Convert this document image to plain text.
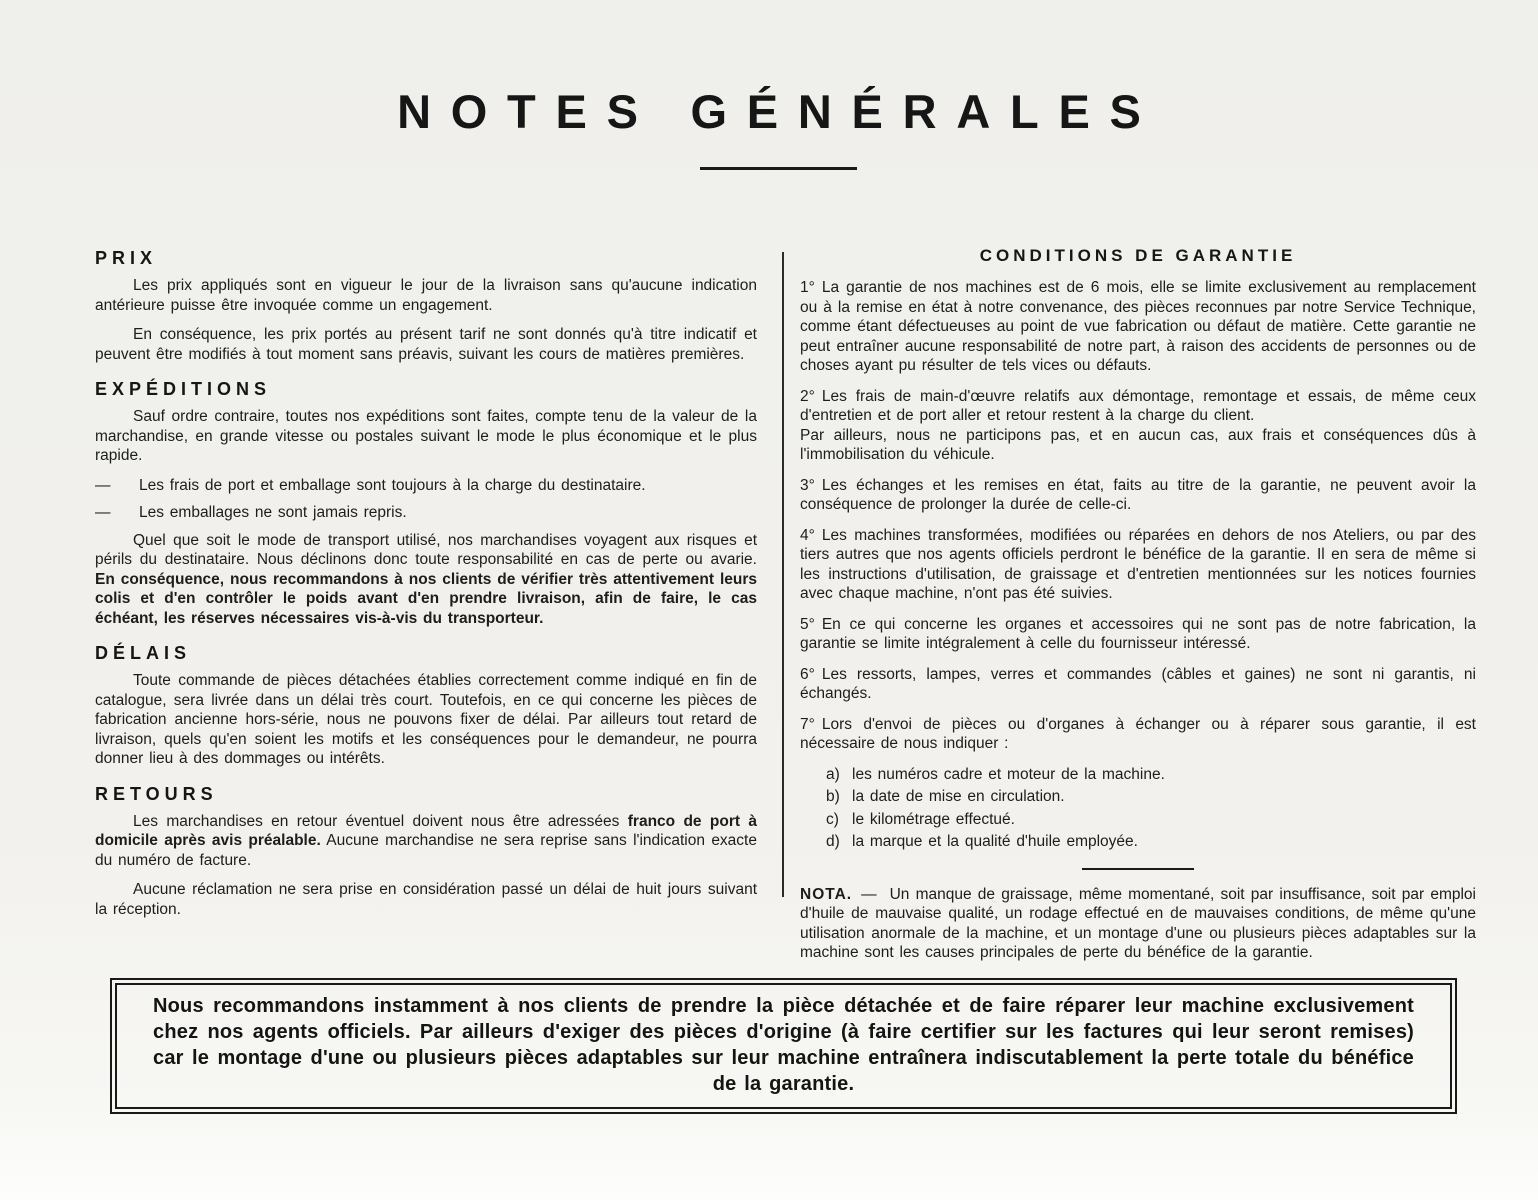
NOTES GÉNÉRALES
PRIX

Les prix appliqués sont en vigueur le jour de la livraison sans qu'aucune indication antérieure puisse être invoquée comme un engagement.

En conséquence, les prix portés au présent tarif ne sont donnés qu'à titre indicatif et peuvent être modifiés à tout moment sans préavis, suivant les cours de matières premières.

EXPÉDITIONS

Sauf ordre contraire, toutes nos expéditions sont faites, compte tenu de la valeur de la marchandise, en grande vitesse ou postales suivant le mode le plus économique et le plus rapide.

— Les frais de port et emballage sont toujours à la charge du destinataire.

— Les emballages ne sont jamais repris.

Quel que soit le mode de transport utilisé, nos marchandises voyagent aux risques et périls du destinataire. Nous déclinons donc toute responsabilité en cas de perte ou avarie. En conséquence, nous recommandons à nos clients de vérifier très attentivement leurs colis et d'en contrôler le poids avant d'en prendre livraison, afin de faire, le cas échéant, les réserves nécessaires vis-à-vis du transporteur.

DÉLAIS

Toute commande de pièces détachées établies correctement comme indiqué en fin de catalogue, sera livrée dans un délai très court. Toutefois, en ce qui concerne les pièces de fabrication ancienne hors-série, nous ne pouvons fixer de délai. Par ailleurs tout retard de livraison, quels qu'en soient les motifs et les conséquences pour le demandeur, ne pourra donner lieu à des dommages ou intérêts.

RETOURS

Les marchandises en retour éventuel doivent nous être adressées franco de port à domicile après avis préalable. Aucune marchandise ne sera reprise sans l'indication exacte du numéro de facture.

Aucune réclamation ne sera prise en considération passé un délai de huit jours suivant la réception.

CONDITIONS DE GARANTIE

1° La garantie de nos machines est de 6 mois, elle se limite exclusivement au remplacement ou à la remise en état à notre convenance, des pièces reconnues par notre Service Technique, comme étant défectueuses au point de vue fabrication ou défaut de matière. Cette garantie ne peut entraîner aucune responsabilité de notre part, à raison des accidents de personnes ou de choses ayant pu résulter de tels vices ou défauts.

2° Les frais de main-d'œuvre relatifs aux démontage, remontage et essais, de même ceux d'entretien et de port aller et retour restent à la charge du client.
Par ailleurs, nous ne participons pas, et en aucun cas, aux frais et conséquences dûs à l'immobilisation du véhicule.

3° Les échanges et les remises en état, faits au titre de la garantie, ne peuvent avoir la conséquence de prolonger la durée de celle-ci.

4° Les machines transformées, modifiées ou réparées en dehors de nos Ateliers, ou par des tiers autres que nos agents officiels perdront le bénéfice de la garantie. Il en sera de même si les instructions d'utilisation, de graissage et d'entretien mentionnées sur les notices fournies avec chaque machine, n'ont pas été suivies.

5° En ce qui concerne les organes et accessoires qui ne sont pas de notre fabrication, la garantie se limite intégralement à celle du fournisseur intéressé.

6° Les ressorts, lampes, verres et commandes (câbles et gaines) ne sont ni garantis, ni échangés.

7° Lors d'envoi de pièces ou d'organes à échanger ou à réparer sous garantie, il est nécessaire de nous indiquer :

a) les numéros cadre et moteur de la machine.

b) la date de mise en circulation.

c) le kilométrage effectué.

d) la marque et la qualité d'huile employée.

NOTA. — Un manque de graissage, même momentané, soit par insuffisance, soit par emploi d'huile de mauvaise qualité, un rodage effectué en de mauvaises conditions, de même qu'une utilisation anormale de la machine, et un montage d'une ou plusieurs pièces adaptables sur la machine sont les causes principales de perte du bénéfice de la garantie.

Nous recommandons instamment à nos clients de prendre la pièce détachée et de faire réparer leur machine exclusivement chez nos agents officiels. Par ailleurs d'exiger des pièces d'origine (à faire certifier sur les factures qui leur seront remises) car le montage d'une ou plusieurs pièces adaptables sur leur machine entraînera indiscutablement la perte totale du bénéfice de la garantie.
